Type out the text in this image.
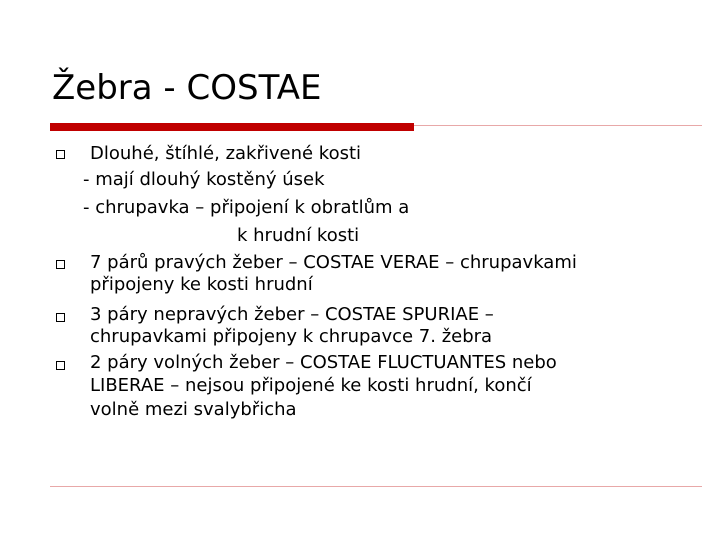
Žebra - COSTAE
Dlouhé, štíhlé, zakřivené kosti
- mají dlouhý kostěný úsek
- chrupavka – připojení k obratlům a
k hrudní kosti
7 párů pravých žeber – COSTAE VERAE – chrupavkami
připojeny ke kosti hrudní
3 páry nepravých žeber – COSTAE SPURIAE –
chrupavkami připojeny k chrupavce 7. žebra
2 páry volných žeber – COSTAE FLUCTUANTES nebo
LIBERAE – nejsou připojené ke kosti hrudní, končí
volně mezi svalybřicha
